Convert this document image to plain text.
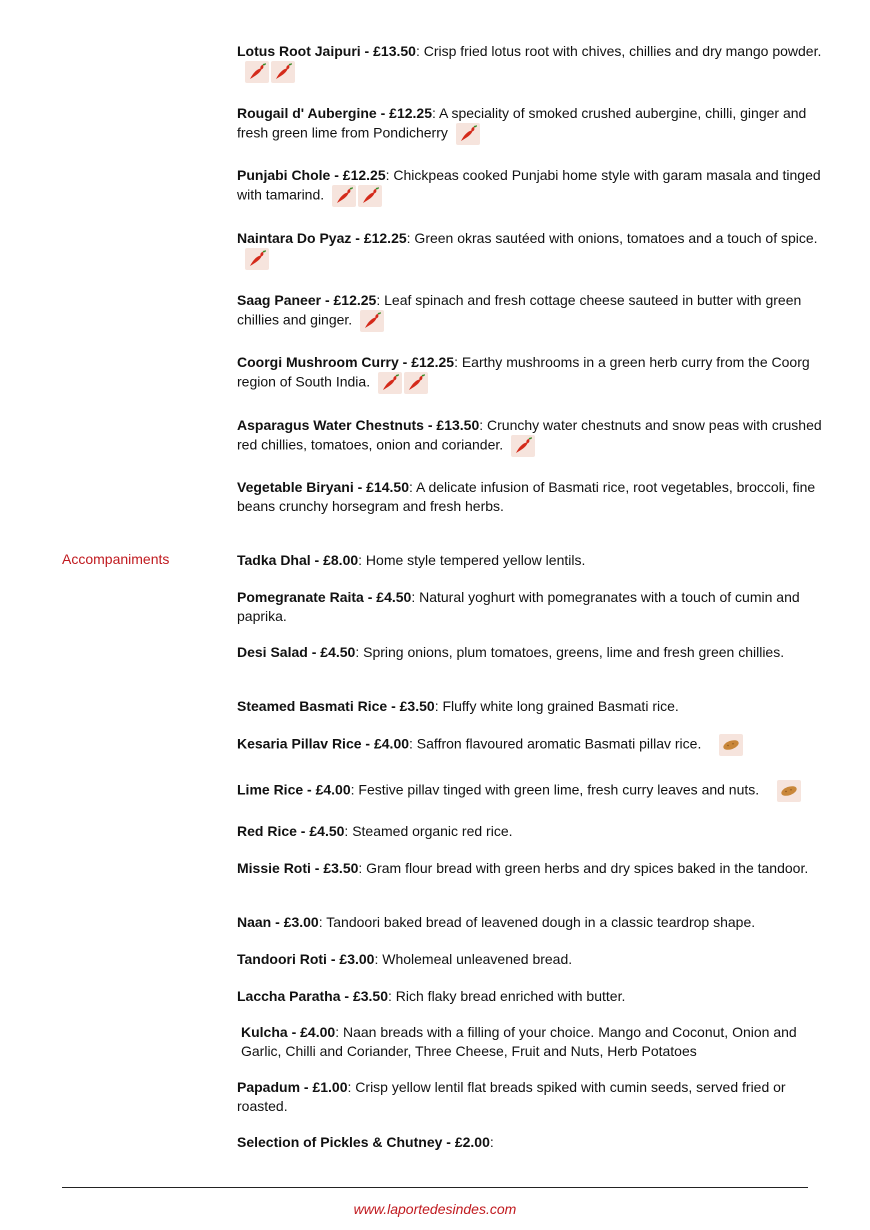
Lotus Root Jaipuri - £13.50: Crisp fried lotus root with chives, chillies and dry mango powder.
Rougail d' Aubergine - £12.25: A speciality of smoked crushed aubergine, chilli, ginger and fresh green lime from Pondicherry
Punjabi Chole - £12.25: Chickpeas cooked Punjabi home style with garam masala and tinged with tamarind.
Naintara Do Pyaz - £12.25: Green okras sautéed with onions, tomatoes and a touch of spice.
Saag Paneer - £12.25: Leaf spinach and fresh cottage cheese sauteed in butter with green chillies and ginger.
Coorgi Mushroom Curry - £12.25: Earthy mushrooms in a green herb curry from the Coorg region of South India.
Asparagus Water Chestnuts - £13.50: Crunchy water chestnuts and snow peas with crushed red chillies, tomatoes, onion and coriander.
Vegetable Biryani - £14.50: A delicate infusion of Basmati rice, root vegetables, broccoli, fine beans crunchy horsegram and fresh herbs.
Accompaniments	Tadka Dhal - £8.00: Home style tempered yellow lentils.
Pomegranate Raita - £4.50: Natural yoghurt with pomegranates with a touch of cumin and paprika.
Desi Salad - £4.50: Spring onions, plum tomatoes, greens, lime and fresh green chillies.
Steamed Basmati Rice - £3.50: Fluffy white long grained Basmati rice.
Kesaria Pillav Rice - £4.00: Saffron flavoured aromatic Basmati pillav rice.
Lime Rice - £4.00: Festive pillav tinged with green lime, fresh curry leaves and nuts.
Red Rice - £4.50: Steamed organic red rice.
Missie Roti - £3.50: Gram flour bread with green herbs and dry spices baked in the tandoor.
Naan - £3.00: Tandoori baked bread of leavened dough in a classic teardrop shape.
Tandoori Roti - £3.00: Wholemeal unleavened bread.
Laccha Paratha - £3.50: Rich flaky bread enriched with butter.
Kulcha - £4.00: Naan breads with a filling of your choice. Mango and Coconut, Onion and Garlic, Chilli and Coriander, Three Cheese, Fruit and Nuts, Herb Potatoes
Papadum - £1.00: Crisp yellow lentil flat breads spiked with cumin seeds, served fried or roasted.
Selection of Pickles & Chutney - £2.00:
www.laportedesindes.com
